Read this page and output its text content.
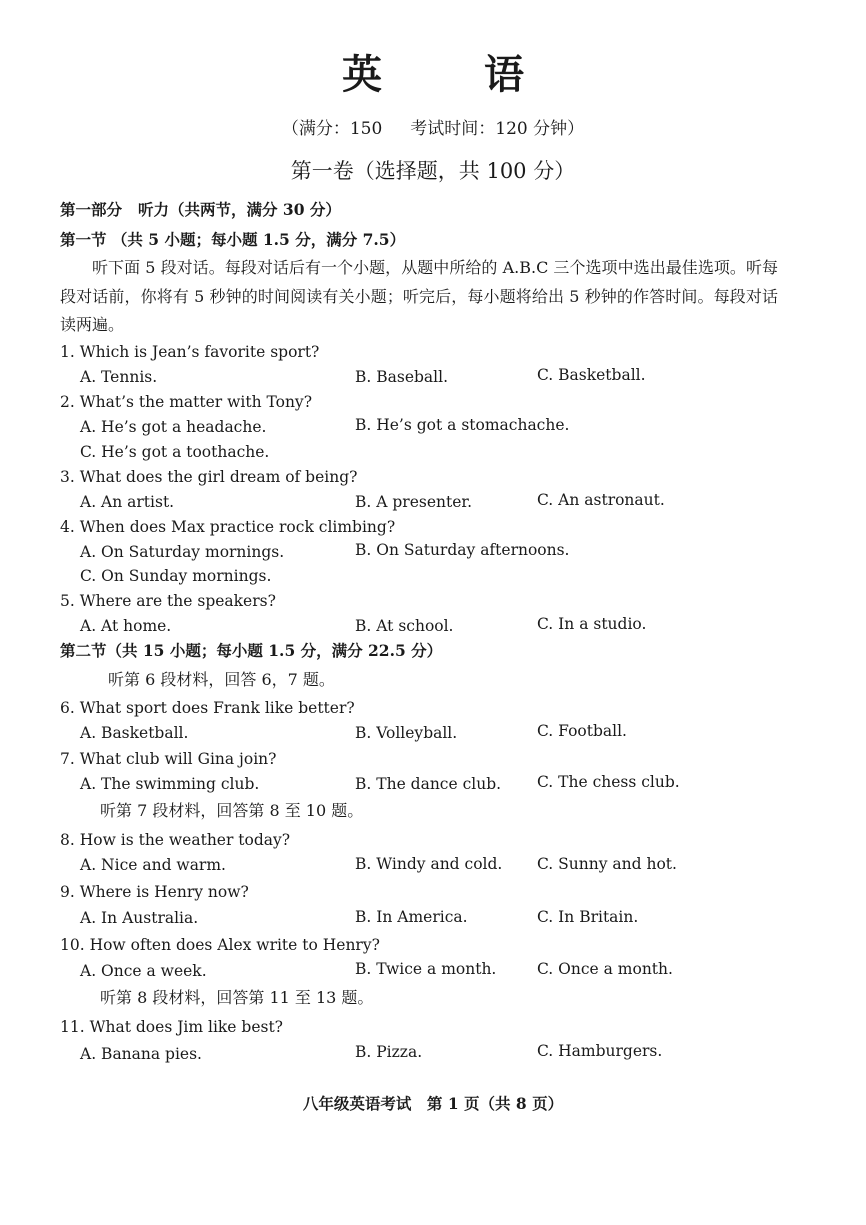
英 语
（满分：150 考试时间：120 分钟）
第一卷（选择题，共 100 分）
第一部分 听力（共两节，满分 30 分）
第一节 （共 5 小题；每小题 1.5 分，满分 7.5）
听下面 5 段对话。每段对话后有一个小题，从题中所给的 A.B.C 三个选项中选出最佳选项。听每段对话前，你将有 5 秒钟的时间阅读有关小题；听完后，每小题将给出 5 秒钟的作答时间。每段对话读两遍。
1. Which is Jean’s favorite sport?
A. Tennis.	B. Baseball.	C. Basketball.
2. What’s the matter with Tony?
A. He’s got a headache.	B. He’s got a stomachache.
C. He’s got a toothache.
3. What does the girl dream of being?
A. An artist.	B. A presenter.	C. An astronaut.
4. When does Max practice rock climbing?
A. On Saturday mornings.	B. On Saturday afternoons.
C. On Sunday mornings.
5. Where are the speakers?
A. At home.	B. At school.	C. In a studio.
第二节（共 15 小题；每小题 1.5 分，满分 22.5 分）
听第 6 段材料，回答 6，7 题。
6. What sport does Frank like better?
A. Basketball.	B. Volleyball.	C. Football.
7. What club will Gina join?
A. The swimming club.	B. The dance club. C. The chess club.
听第 7 段材料，回答第 8 至 10 题。
8. How is the weather today?
A. Nice and warm.	B. Windy and cold. C. Sunny and hot.
9. Where is Henry now?
A. In Australia.	B. In America.	C. In Britain.
10. How often does Alex write to Henry?
A. Once a week.	B. Twice a month.	C. Once a month.
听第 8 段材料，回答第 11 至 13 题。
11. What does Jim like best?
A. Banana pies.	B. Pizza.	C. Hamburgers.
八年级英语考试　第 1 页（共 8 页）
